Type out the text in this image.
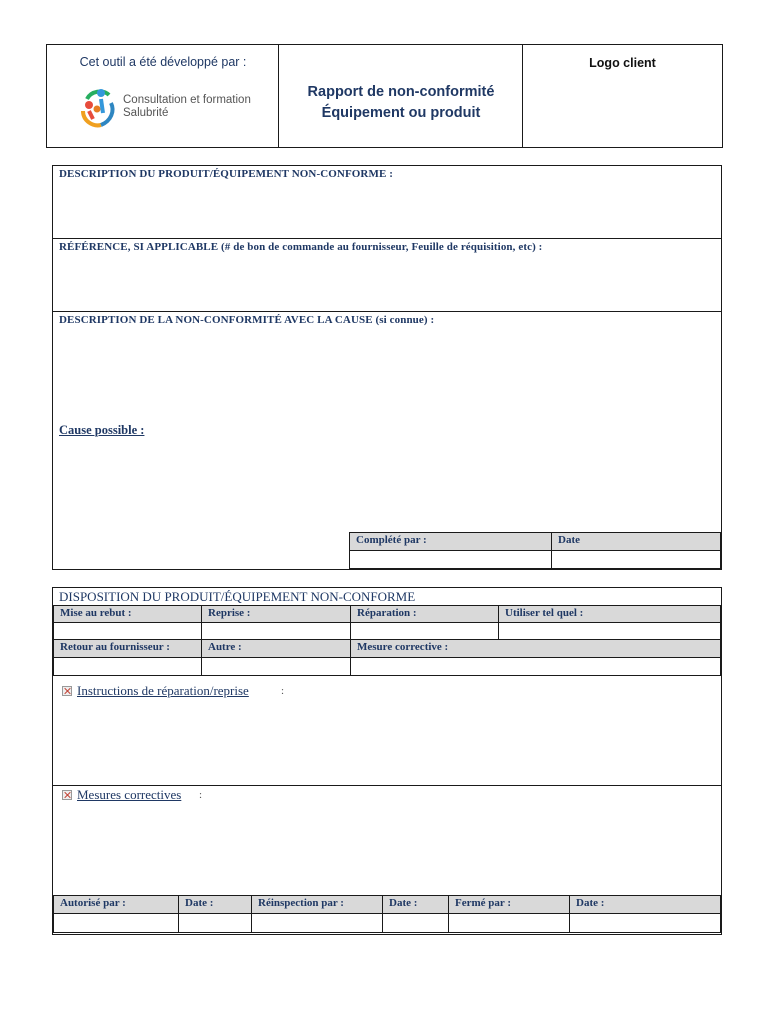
Cet outil a été développé par :
Consultation et formation
Salubrité
Rapport de non-conformité
Équipement ou produit
Logo client
DESCRIPTION DU PRODUIT/ÉQUIPEMENT NON-CONFORME :
RÉFÉRENCE, SI APPLICABLE (# de bon de commande au fournisseur, Feuille de réquisition, etc) :
DESCRIPTION DE LA NON-CONFORMITÉ AVEC LA CAUSE (si connue) :
Cause possible :
Complété par :	Date
DISPOSITION DU PRODUIT/ÉQUIPEMENT NON-CONFORME
Mise au rebut :	Reprise :	Réparation :	Utiliser tel quel :
Retour au fournisseur :	Autre :	Mesure corrective :
Instructions de réparation/reprise	:
Mesures correctives :
Autorisé par :	Date :	Réinspection par :	Date :	Fermé par :	Date :
